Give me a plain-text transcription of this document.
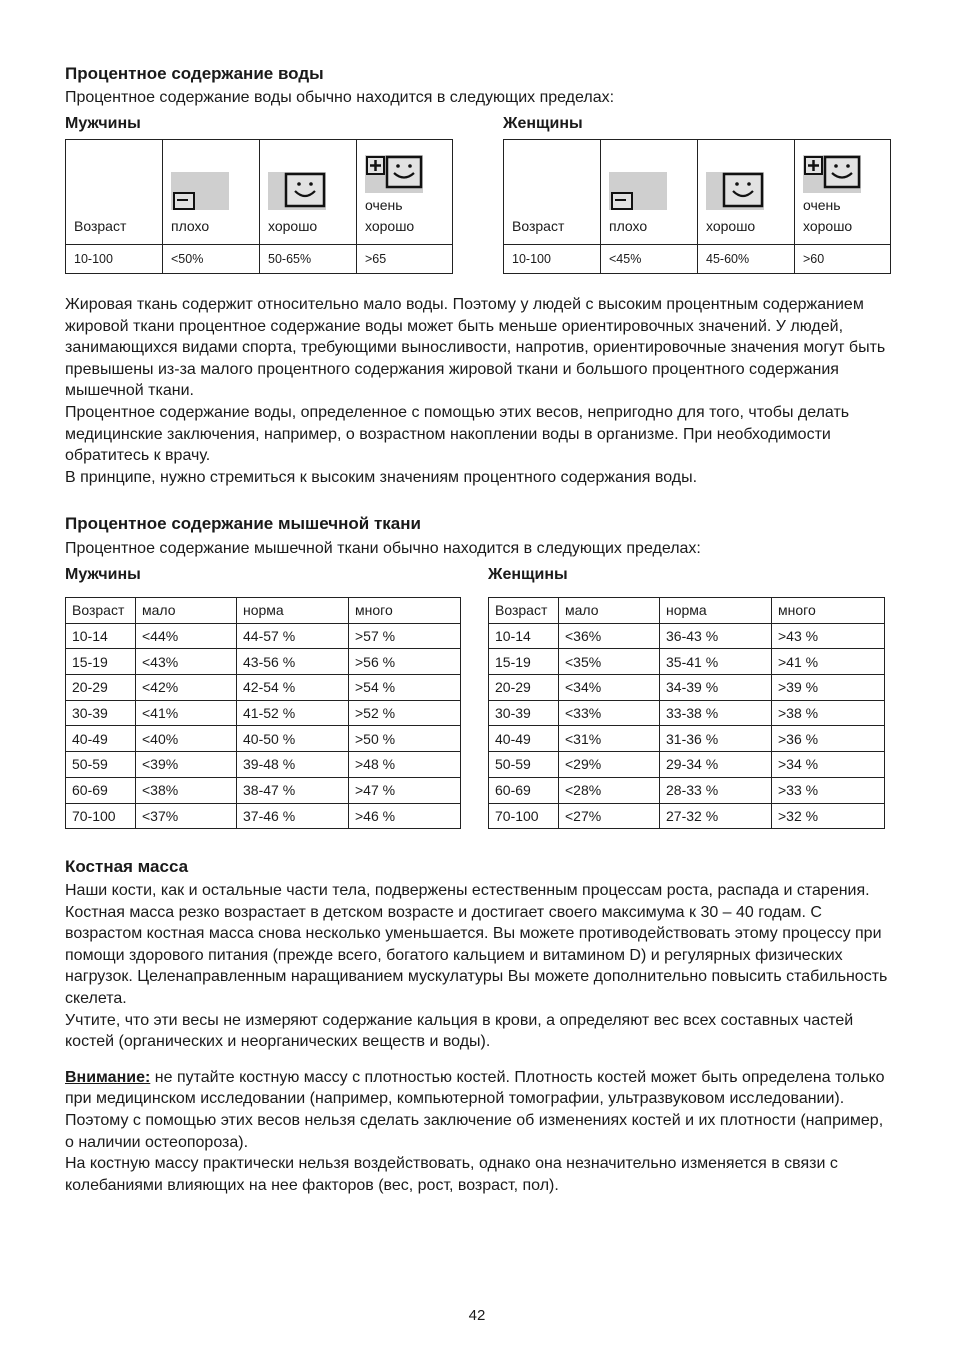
Процентное содержание воды

Процентное содержание воды обычно находится в следующих пределах:

Мужчины	Женщины
Возраст	плохо	хорошо	очень
хорошо
10-100	<50%	50-65%	>65
Возраст	плохо	хорошо	очень
хорошо
10-100	<45%	45-60%	>60

Жировая ткань содержит относительно мало воды. Поэтому у людей с высоким процентным содержанием жировой ткани процентное содержание воды может быть меньше ориентировочных значений. У людей, занимающихся видами спорта, требующими выносливости, напротив, ориентировочные значения могут быть превышены из-за малого процентного содержания жировой ткани и большого процентного содержания мышечной ткани.

Процентное содержание воды, определенное с помощью этих весов, непригодно для того, чтобы делать медицинские заключения, например, о возрастном накоплении воды в организме. При необходимости обратитесь к врачу.

В принципе, нужно стремиться к высоким значениям процентного содержания воды.

Процентное содержание мышечной ткани

Процентное содержание мышечной ткани обычно находится в следующих пределах:

Мужчины	Женщины
Возраст	мало	норма	много
10-14	<44%	44-57 %	>57 %
15-19	<43%	43-56 %	>56 %
20-29	<42%	42-54 %	>54 %
30-39	<41%	41-52 %	>52 %
40-49	<40%	40-50 %	>50 %
50-59	<39%	39-48 %	>48 %
60-69	<38%	38-47 %	>47 %
70-100	<37%	37-46 %	>46 %
Возраст	мало	норма	много
10-14	<36%	36-43 %	>43 %
15-19	<35%	35-41 %	>41 %
20-29	<34%	34-39 %	>39 %
30-39	<33%	33-38 %	>38 %
40-49	<31%	31-36 %	>36 %
50-59	<29%	29-34 %	>34 %
60-69	<28%	28-33 %	>33 %
70-100	<27%	27-32 %	>32 %
Костная масса

Наши кости, как и остальные части тела, подвержены естественным процессам роста, распада и старения. Костная масса резко возрастает в детском возрасте и достигает своего максимума к 30 – 40 годам. С возрастом костная масса снова несколько уменьшается. Вы можете противодействовать этому процессу при помощи здорового питания (прежде всего, богатого кальцием и витамином D) и регулярных физических нагрузок. Целенаправленным наращиванием мускулатуры Вы можете дополнительно повысить стабильность скелета.

Учтите, что эти весы не измеряют содержание кальция в крови, а определяют вес всех составных частей костей (органических и неорганических веществ и воды).

Внимание: не путайте костную массу с плотностью костей. Плотность костей может быть определена только при медицинском исследовании (например, компьютерной томографии, ультразвуковом исследовании). Поэтому с помощью этих весов нельзя сделать заключение об изменениях костей и их плотности (например, о наличии остеопороза).

На костную массу практически нельзя воздействовать, однако она незначительно изменяется в связи с колебаниями влияющих на нее факторов (вес, рост, возраст, пол).

42
